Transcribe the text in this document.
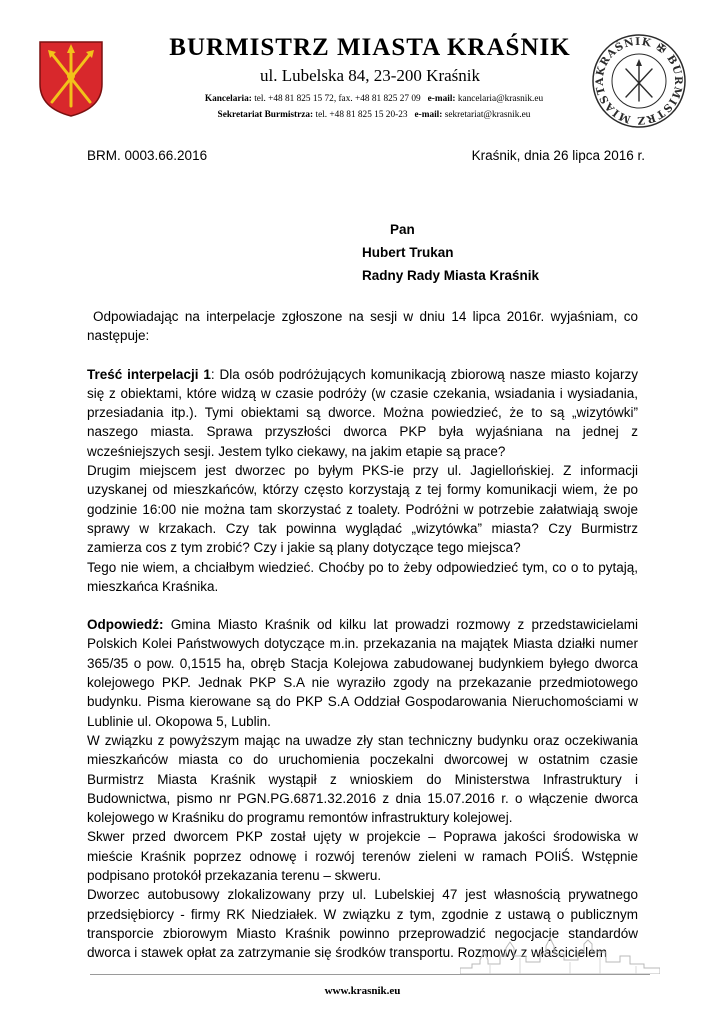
BURMISTRZ MIASTA KRAŚNIK
ul. Lubelska 84, 23-200 Kraśnik
Kancelaria: tel. +48 81 825 15 72, fax. +48 81 825 27 09 e-mail: kancelaria@krasnik.eu
Sekretariat Burmistrza: tel. +48 81 825 15 20-23 e-mail: sekretariat@krasnik.eu
KRAŚNIK ✠ BURMISTRZ MIASTA
BRM. 0003.66.2016	Kraśnik, dnia 26 lipca 2016 r.
Pan
Hubert Trukan
Radny Rady Miasta Kraśnik

Odpowiadając na interpelacje zgłoszone na sesji w dniu 14 lipca 2016r. wyjaśniam, co następuje:

Treść interpelacji 1: Dla osób podróżujących komunikacją zbiorową nasze miasto kojarzy się z obiektami, które widzą w czasie podróży (w czasie czekania, wsiadania i wysiadania, przesiadania itp.). Tymi obiektami są dworce. Można powiedzieć, że to są „wizytówki” naszego miasta. Sprawa przyszłości dworca PKP była wyjaśniana na jednej z wcześniejszych sesji. Jestem tylko ciekawy, na jakim etapie są prace?

Drugim miejscem jest dworzec po byłym PKS-ie przy ul. Jagiellońskiej. Z informacji uzyskanej od mieszkańców, którzy często korzystają z tej formy komunikacji wiem, że po godzinie 16:00 nie można tam skorzystać z toalety. Podróżni w potrzebie załatwiają swoje sprawy w krzakach. Czy tak powinna wyglądać „wizytówka” miasta? Czy Burmistrz zamierza cos z tym zrobić? Czy i jakie są plany dotyczące tego miejsca?

Tego nie wiem, a chciałbym wiedzieć. Choćby po to żeby odpowiedzieć tym, co o to pytają, mieszkańca Kraśnika.

Odpowiedź: Gmina Miasto Kraśnik od kilku lat prowadzi rozmowy z przedstawicielami Polskich Kolei Państwowych dotyczące m.in. przekazania na majątek Miasta działki numer 365/35 o pow. 0,1515 ha, obręb Stacja Kolejowa zabudowanej budynkiem byłego dworca kolejowego PKP. Jednak PKP S.A nie wyraziło zgody na przekazanie przedmiotowego budynku. Pisma kierowane są do PKP S.A Oddział Gospodarowania Nieruchomościami w Lublinie ul. Okopowa 5, Lublin.

W związku z powyższym mając na uwadze zły stan techniczny budynku oraz oczekiwania mieszkańców miasta co do uruchomienia poczekalni dworcowej w ostatnim czasie Burmistrz Miasta Kraśnik wystąpił z wnioskiem do Ministerstwa Infrastruktury i Budownictwa, pismo nr PGN.PG.6871.32.2016 z dnia 15.07.2016 r. o włączenie dworca kolejowego w Kraśniku do programu remontów infrastruktury kolejowej.

Skwer przed dworcem PKP został ujęty w projekcie – Poprawa jakości środowiska w mieście Kraśnik poprzez odnowę i rozwój terenów zieleni w ramach POIiŚ. Wstępnie podpisano protokół przekazania terenu – skweru.

Dworzec autobusowy zlokalizowany przy ul. Lubelskiej 47 jest własnością prywatnego przedsiębiorcy - firmy RK Niedziałek. W związku z tym, zgodnie z ustawą o publicznym transporcie zbiorowym Miasto Kraśnik powinno przeprowadzić negocjacje standardów dworca i stawek opłat za zatrzymanie się środków transportu. Rozmowy z właścicielem

www.krasnik.eu
